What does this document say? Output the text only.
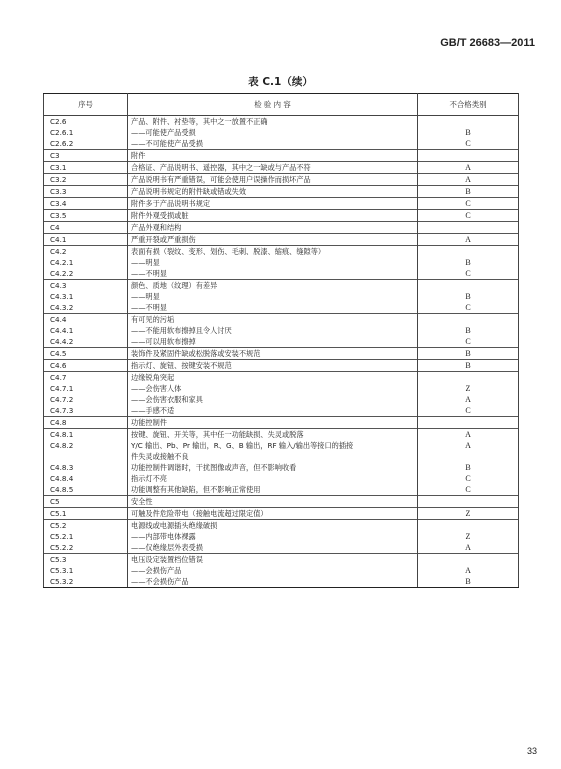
GB/T 26683—2011
表 C.1（续）
序号	检 验 内 容	不合格类别
C2.6	产品、附件、衬垫等，其中之一放置不正确	
C2.6.1	——可能使产品受损	B
C2.6.2	——不可能使产品受损	C
C3	附件	
C3.1	合格证、产品说明书、遥控器，其中之一缺或与产品不符	A
C3.2	产品说明书有严重错误，可能会使用户误操作而损坏产品	A
C3.3	产品说明书规定的附件缺或错或失效	B
C3.4	附件多于产品说明书规定	C
C3.5	附件外观受损或脏	C
C4	产品外观和结构	
C4.1	严重开裂或严重损伤	A
C4.2	表面有损（裂纹、变形、划伤、毛刺、脱漆、缩痕、缝隙等）	
C4.2.1	——明显	B
C4.2.2	——不明显	C
C4.3	颜色、质地（纹理）有差异	
C4.3.1	——明显	B
C4.3.2	——不明显	C
C4.4	有可见的污垢	
C4.4.1	——不能用软布擦掉且令人讨厌	B
C4.4.2	——可以用软布擦掉	C
C4.5	装饰件及紧固件缺或松脱落或安装不规范	B
C4.6	指示灯、旋钮、按键安装不规范	B
C4.7	边缘锐角突起	
C4.7.1	——会伤害人体	Z
C4.7.2	——会伤害衣服和家具	A
C4.7.3	——手感不适	C
C4.8	功能控制件	
C4.8.1	按键、旋钮、开关等，其中任一功能缺损、失灵或脱落	A
C4.8.2	Y/C 输出、Pb、Pr 输出，R、G、B 输出，RF 输入/输出等接口的插接	A
	件失灵或接触不良	
C4.8.3	功能控制件调谐时，干扰图像或声音，但不影响收看	B
C4.8.4	指示灯不亮	C
C4.8.5	功能调整有其他缺陷，但不影响正常使用	C
C5	安全性	
C5.1	可触及件危险带电（接触电流超过限定值）	Z
C5.2	电源线或电源插头绝缘破损	
C5.2.1	——内部带电体裸露	Z
C5.2.2	——仅绝缘层外表受损	A
C5.3	电压设定装置档位错误	
C5.3.1	——会损伤产品	A
C5.3.2	——不会损伤产品	B
33
